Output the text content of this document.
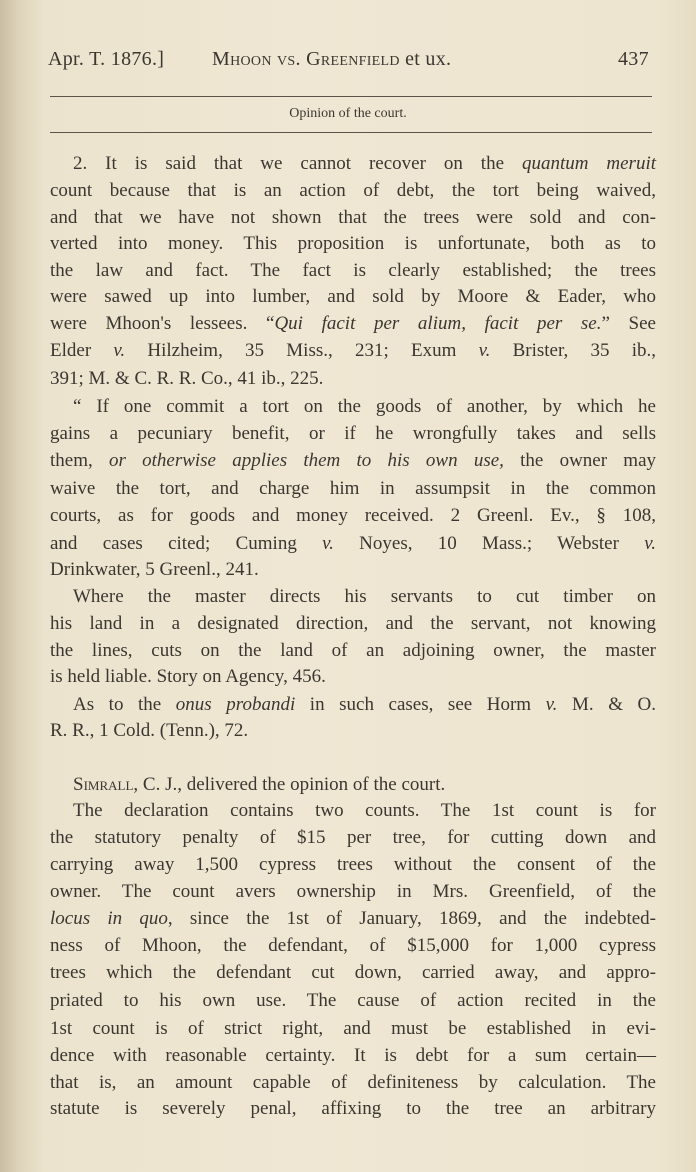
Apr. T. 1876.] Mhoon vs. Greenfield et ux.	437
Opinion of the court.
2. It is said that we cannot recover on the quantum meruit
count because that is an action of debt, the tort being waived,
and that we have not shown that the trees were sold and con-
verted into money. This proposition is unfortunate, both as to
the law and fact. The fact is clearly established; the trees
were sawed up into lumber, and sold by Moore & Eader, who
were Mhoon's lessees. “Qui facit per alium, facit per se.” See
Elder v. Hilzheim, 35 Miss., 231; Exum v. Brister, 35 ib.,
391; M. & C. R. R. Co., 41 ib., 225.
“ If one commit a tort on the goods of another, by which he
gains a pecuniary benefit, or if he wrongfully takes and sells
them, or otherwise applies them to his own use, the owner may
waive the tort, and charge him in assumpsit in the common
courts, as for goods and money received. 2 Greenl. Ev., § 108,
and cases cited; Cuming v. Noyes, 10 Mass.; Webster v.
Drinkwater, 5 Greenl., 241.
Where the master directs his servants to cut timber on
his land in a designated direction, and the servant, not knowing
the lines, cuts on the land of an adjoining owner, the master
is held liable. Story on Agency, 456.
As to the onus probandi in such cases, see Horm v. M. & O.
R. R., 1 Cold. (Tenn.), 72.
Simrall, C. J., delivered the opinion of the court.
The declaration contains two counts. The 1st count is for
the statutory penalty of $15 per tree, for cutting down and
carrying away 1,500 cypress trees without the consent of the
owner. The count avers ownership in Mrs. Greenfield, of the
locus in quo, since the 1st of January, 1869, and the indebted-
ness of Mhoon, the defendant, of $15,000 for 1,000 cypress
trees which the defendant cut down, carried away, and appro-
priated to his own use. The cause of action recited in the
1st count is of strict right, and must be established in evi-
dence with reasonable certainty. It is debt for a sum certain—
that is, an amount capable of definiteness by calculation. The
statute is severely penal, affixing to the tree an arbitrary
